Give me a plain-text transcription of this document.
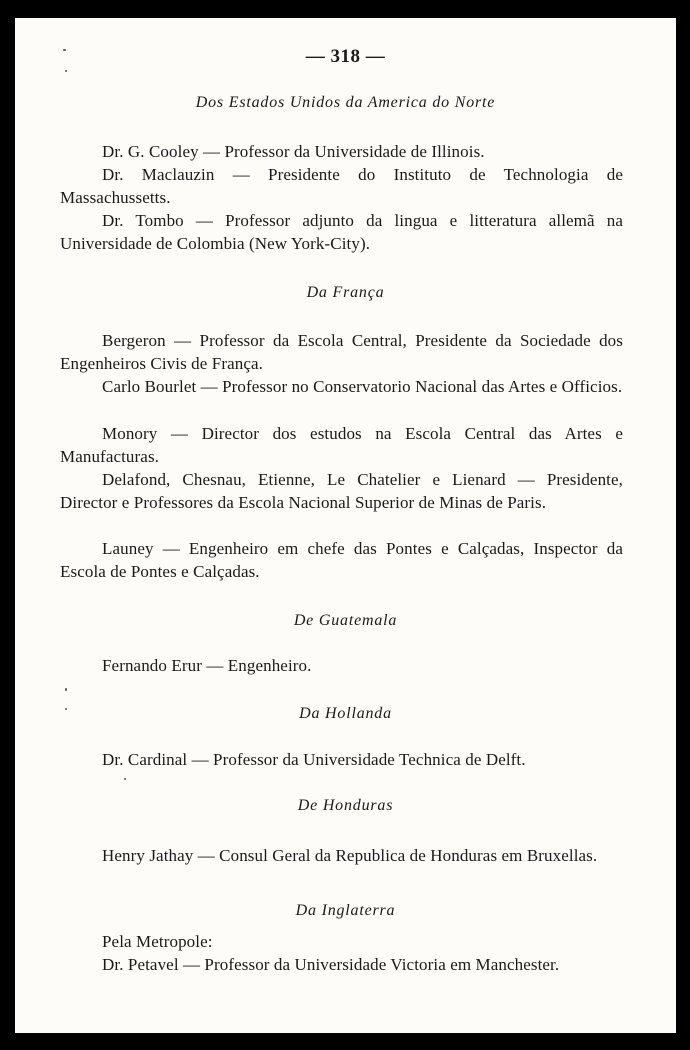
— 318 —
Dos Estados Unidos da America do Norte
Dr. G. Cooley — Professor da Universidade de Illinois.
Dr. Maclauzin — Presidente do Instituto de Technologia de Massachussetts.
Dr. Tombo — Professor adjunto da lingua e litteratura allemã na Universidade de Colombia (New York-City).
Da França
Bergeron — Professor da Escola Central, Presidente da Sociedade dos Engenheiros Civis de França.
Carlo Bourlet — Professor no Conservatorio Nacional das Artes e Officios.
Monory — Director dos estudos na Escola Central das Artes e Manufacturas.
Delafond, Chesnau, Etienne, Le Chatelier e Lienard — Presidente, Director e Professores da Escola Nacional Superior de Minas de Paris.
Launey — Engenheiro em chefe das Pontes e Calçadas, Inspector da Escola de Pontes e Calçadas.
De Guatemala
Fernando Erur — Engenheiro.
Da Hollanda
Dr. Cardinal — Professor da Universidade Technica de Delft.
De Honduras
Henry Jathay — Consul Geral da Republica de Honduras em Bruxellas.
Da Inglaterra
Pela Metropole:
Dr. Petavel — Professor da Universidade Victoria em Manchester.
